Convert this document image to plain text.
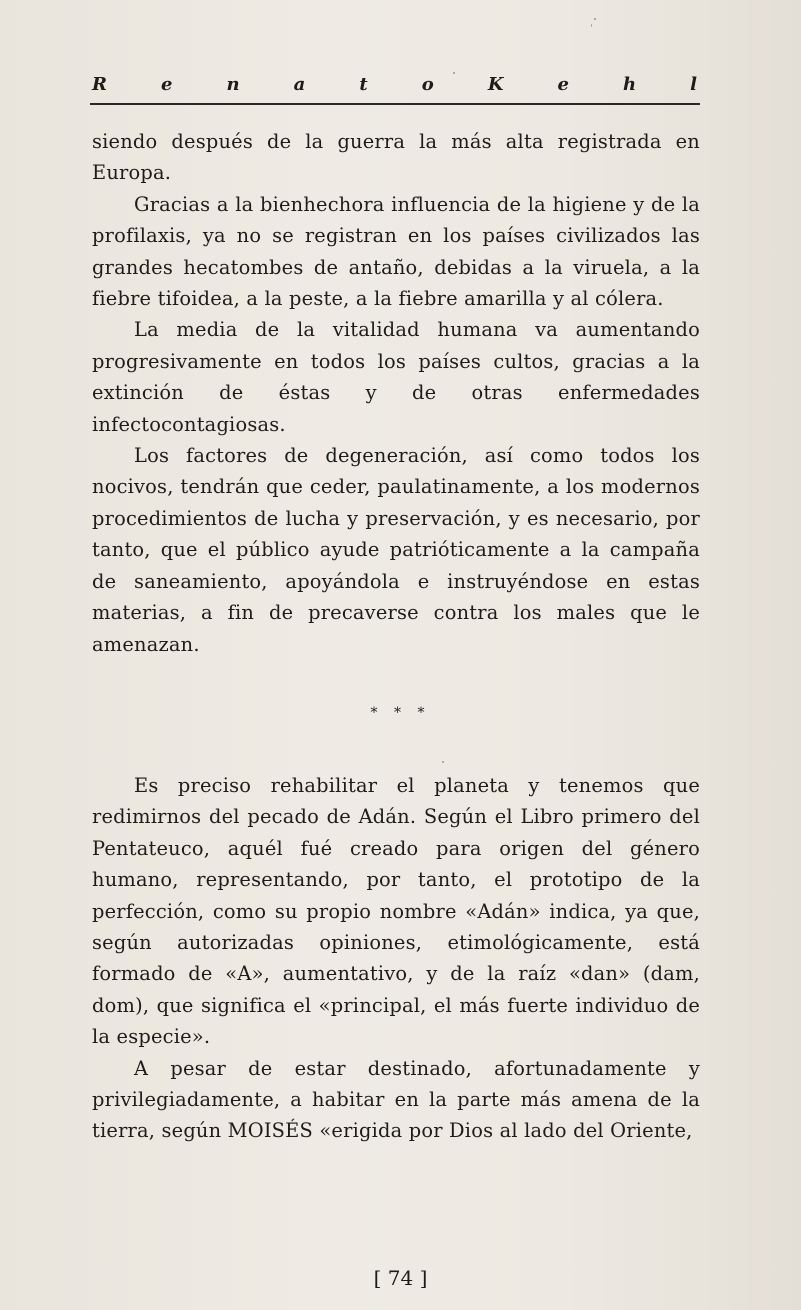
R	e	n	a	t	o	K	e	h	l

siendo después de la guerra la más alta registrada en Europa.

Gracias a la bienhechora influencia de la higiene y de la profilaxis, ya no se registran en los países civilizados las grandes hecatombes de antaño, debidas a la viruela, a la fiebre tifoidea, a la peste, a la fiebre amarilla y al cólera.

La media de la vitalidad humana va aumentando progresivamente en todos los países cultos, gracias a la extinción de éstas y de otras enfermedades infectocontagiosas.

Los factores de degeneración, así como todos los nocivos, tendrán que ceder, paulatinamente, a los modernos procedimientos de lucha y preservación, y es necesario, por tanto, que el público ayude patrióticamente a la campaña de saneamiento, apoyándola e instruyéndose en estas materias, a fin de precaverse contra los males que le amenazan.

* * *

Es preciso rehabilitar el planeta y tenemos que redimirnos del pecado de Adán. Según el Libro primero del Pentateuco, aquél fué creado para origen del género humano, representando, por tanto, el prototipo de la perfección, como su propio nombre «Adán» indica, ya que, según autorizadas opiniones, etimológicamente, está formado de «A», aumentativo, y de la raíz «dan» (dam, dom), que significa el «principal, el más fuerte individuo de la especie».

A pesar de estar destinado, afortunadamente y privilegiadamente, a habitar en la parte más amena de la tierra, según MOISÉS «erigida por Dios al lado del Oriente,

[ 74 ]
